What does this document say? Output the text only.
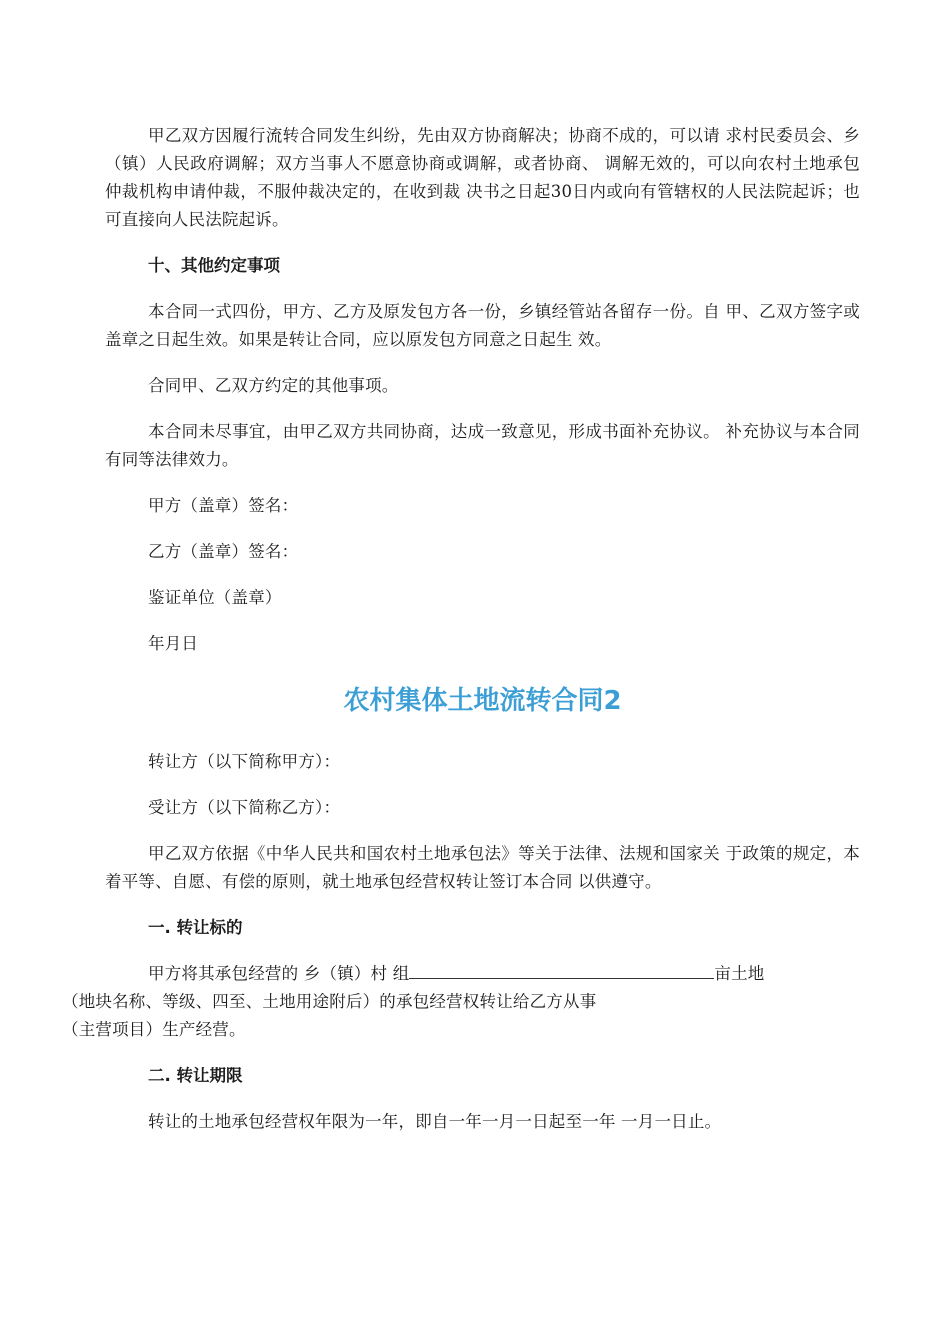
甲乙双方因履行流转合同发生纠纷，先由双方协商解决；协商不成的，可以请 求村民委员会、乡（镇）人民政府调解；双方当事人不愿意协商或调解，或者协商、 调解无效的，可以向农村土地承包仲裁机构申请仲裁，不服仲裁决定的，在收到裁 决书之日起30日内或向有管辖权的人民法院起诉；也可直接向人民法院起诉。

十、其他约定事项

本合同一式四份，甲方、乙方及原发包方各一份，乡镇经管站各留存一份。自 甲、乙双方签字或盖章之日起生效。如果是转让合同，应以原发包方同意之日起生 效。

合同甲、乙双方约定的其他事项。

本合同未尽事宜，由甲乙双方共同协商，达成一致意见，形成书面补充协议。 补充协议与本合同有同等法律效力。

甲方（盖章）签名：

乙方（盖章）签名：

鉴证单位（盖章）

年月日

农村集体土地流转合同2

转让方（以下简称甲方）：

受让方（以下简称乙方）：

甲乙双方依据《中华人民共和国农村土地承包法》等关于法律、法规和国家关 于政策的规定，本着平等、自愿、有偿的原则，就土地承包经营权转让签订本合同 以供遵守。

一. 转让标的

甲方将其承包经营的 乡（镇）村 组	亩土地
（地块名称、等级、四至、土地用途附后）的承包经营权转让给乙方从事
（主营项目）生产经营。

二. 转让期限

转让的土地承包经营权年限为一年，即自一年一月一日起至一年 一月一日止。
